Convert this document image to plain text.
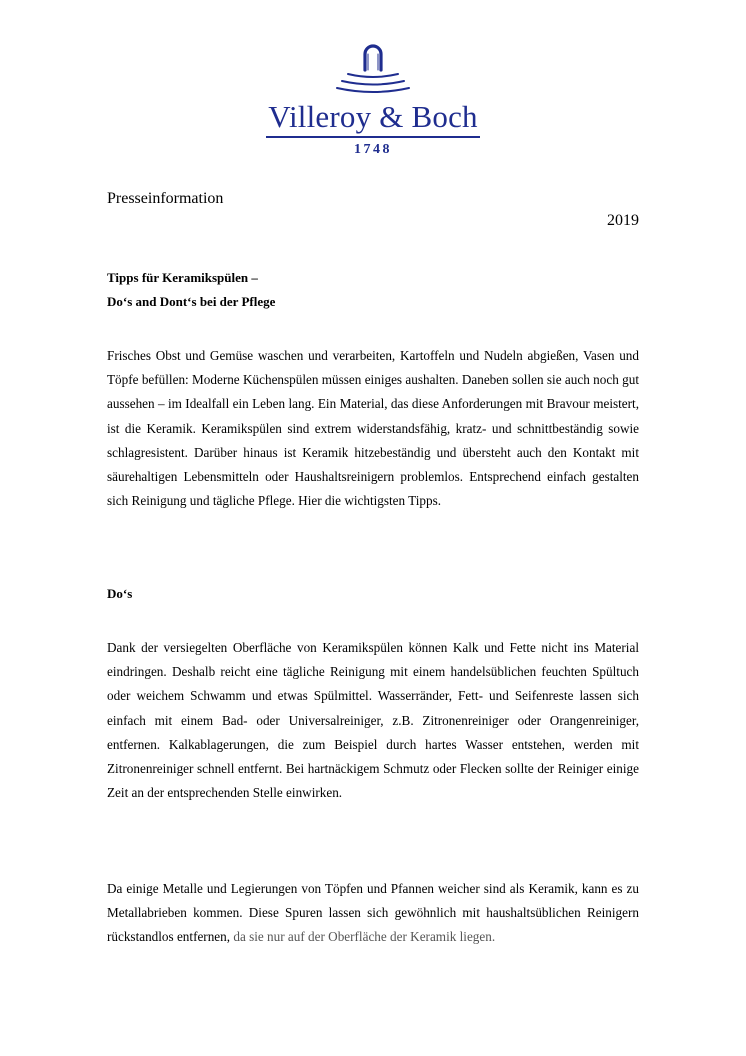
Villeroy & Boch
1748
Presseinformation
2019
Tipps für Keramikspülen –
Do‘s and Dont‘s bei der Pflege

Frisches Obst und Gemüse waschen und verarbeiten, Kartoffeln und Nudeln abgießen, Vasen und Töpfe befüllen: Moderne Küchenspülen müssen einiges aushalten. Daneben sollen sie auch noch gut aussehen – im Idealfall ein Leben lang. Ein Material, das diese Anforderungen mit Bravour meistert, ist die Keramik. Keramikspülen sind extrem widerstandsfähig, kratz- und schnittbeständig sowie schlagresistent. Darüber hinaus ist Keramik hitzebeständig und übersteht auch den Kontakt mit säurehaltigen Lebensmitteln oder Haushaltsreinigern problemlos. Entsprechend einfach gestalten sich Reinigung und tägliche Pflege. Hier die wichtigsten Tipps.

Do‘s

Dank der versiegelten Oberfläche von Keramikspülen können Kalk und Fette nicht ins Material eindringen. Deshalb reicht eine tägliche Reinigung mit einem handelsüblichen feuchten Spültuch oder weichem Schwamm und etwas Spülmittel. Wasserränder, Fett- und Seifenreste lassen sich einfach mit einem Bad- oder Universalreiniger, z.B. Zitronenreiniger oder Orangenreiniger, entfernen. Kalkablagerungen, die zum Beispiel durch hartes Wasser entstehen, werden mit Zitronenreiniger schnell entfernt. Bei hartnäckigem Schmutz oder Flecken sollte der Reiniger einige Zeit an der entsprechenden Stelle einwirken.

Da einige Metalle und Legierungen von Töpfen und Pfannen weicher sind als Keramik, kann es zu Metallabrieben kommen. Diese Spuren lassen sich gewöhnlich mit haushaltsüblichen Reinigern rückstandlos entfernen, da sie nur auf der Oberfläche der Keramik liegen.
